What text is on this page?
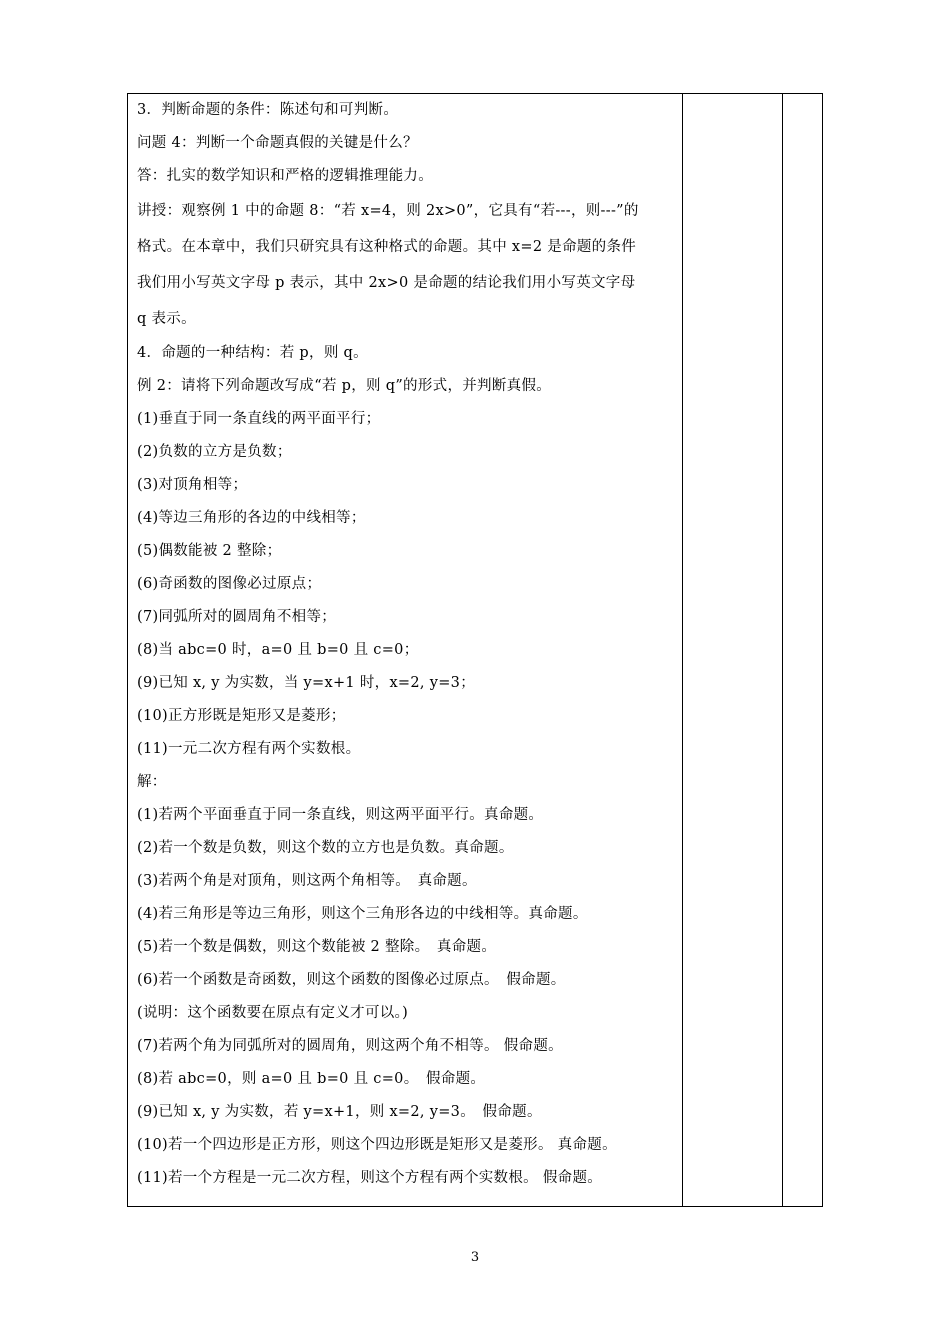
3．判断命题的条件：陈述句和可判断。
问题 4：判断一个命题真假的关键是什么？
答：扎实的数学知识和严格的逻辑推理能力。
讲授：观察例 1 中的命题 8：“若 x=4，则 2x>0”，它具有“若---，则---”的
格式。在本章中，我们只研究具有这种格式的命题。其中 x=2 是命题的条件
我们用小写英文字母 p 表示，其中 2x>0 是命题的结论我们用小写英文字母
q 表示。
4．命题的一种结构：若 p，则 q。
例 2：请将下列命题改写成“若 p，则 q”的形式，并判断真假。
(1)垂直于同一条直线的两平面平行；
(2)负数的立方是负数；
(3)对顶角相等；
(4)等边三角形的各边的中线相等；
(5)偶数能被 2 整除；
(6)奇函数的图像必过原点；
(7)同弧所对的圆周角不相等；
(8)当 abc=0 时，a=0 且 b=0 且 c=0；
(9)已知 x, y 为实数，当 y=x+1 时，x=2, y=3；
(10)正方形既是矩形又是菱形；
(11)一元二次方程有两个实数根。
解：
(1)若两个平面垂直于同一条直线，则这两平面平行。真命题。
(2)若一个数是负数，则这个数的立方也是负数。真命题。
(3)若两个角是对顶角，则这两个角相等。　真命题。
(4)若三角形是等边三角形，则这个三角形各边的中线相等。真命题。
(5)若一个数是偶数，则这个数能被 2 整除。　真命题。
(6)若一个函数是奇函数，则这个函数的图像必过原点。　假命题。
(说明：这个函数要在原点有定义才可以。)
(7)若两个角为同弧所对的圆周角，则这两个角不相等。 假命题。
(8)若 abc=0，则 a=0 且 b=0 且 c=0。　假命题。
(9)已知 x, y 为实数，若 y=x+1，则 x=2, y=3。　假命题。
(10)若一个四边形是正方形，则这个四边形既是矩形又是菱形。 真命题。
(11)若一个方程是一元二次方程，则这个方程有两个实数根。 假命题。
3
